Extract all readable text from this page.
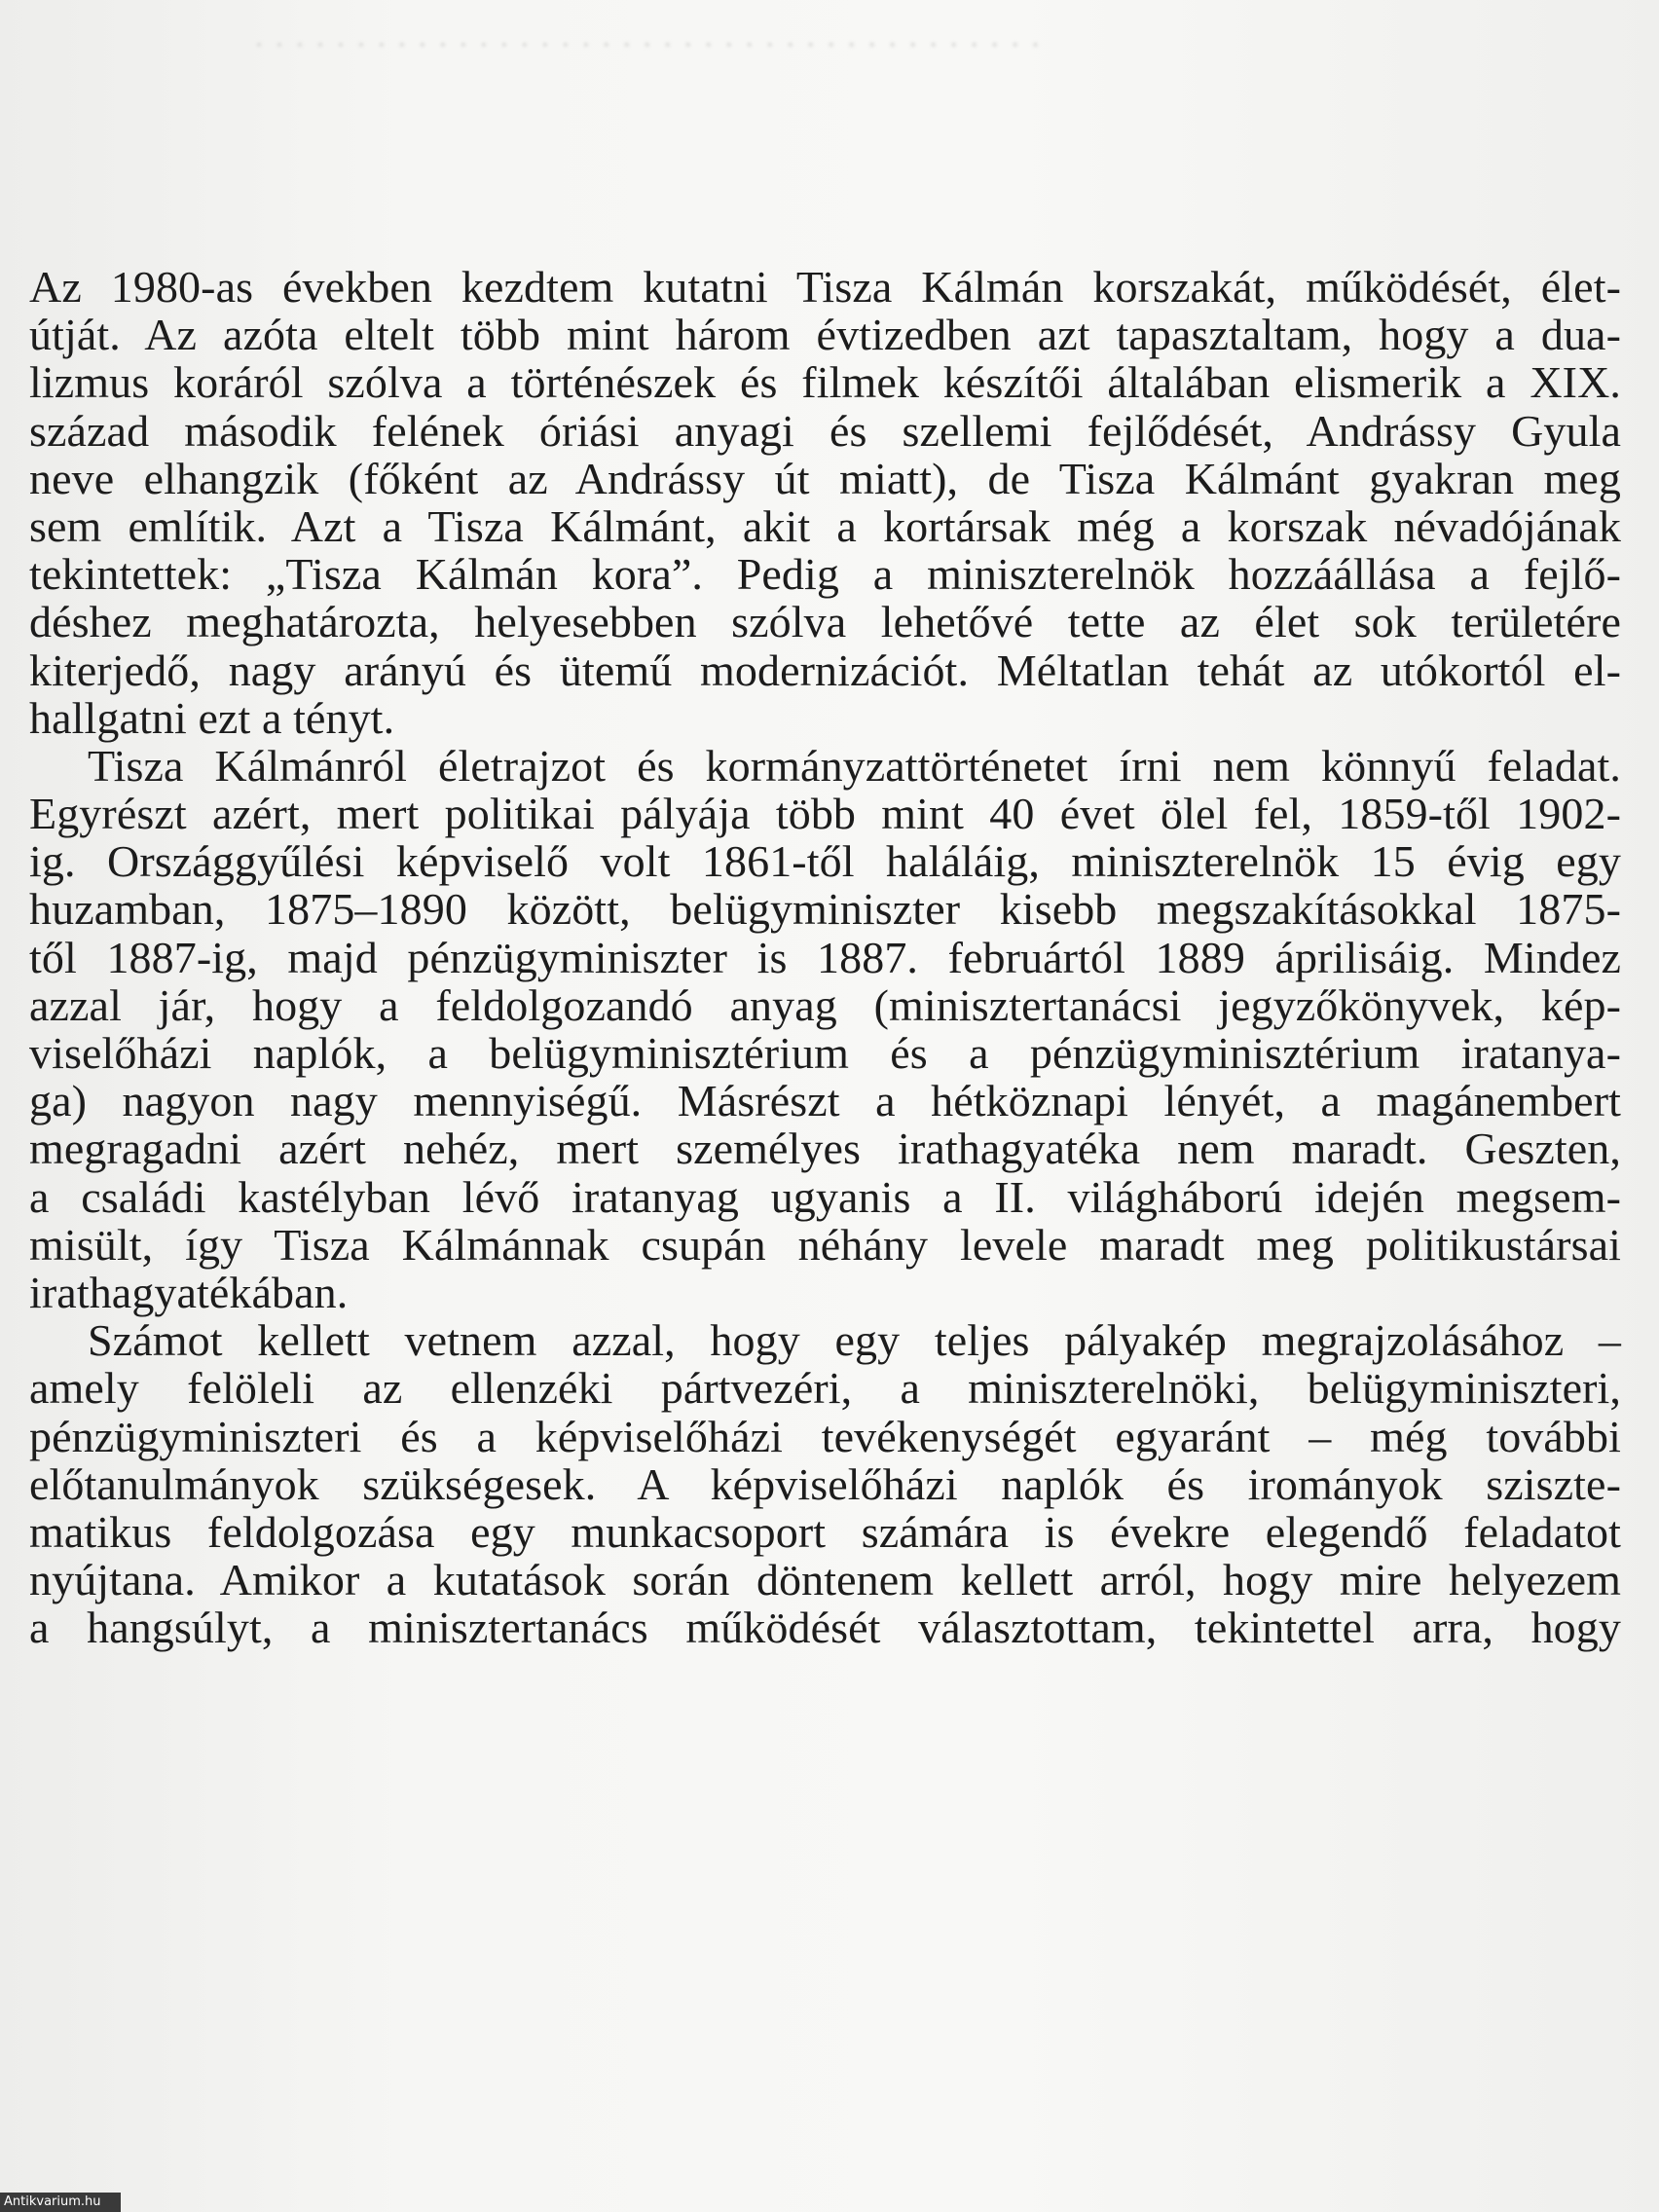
· · · · · · · · · · · · · · · · · · · · · · · · · · · · · · · · · · · · · · ·

Az 1980-as években kezdtem kutatni Tisza Kálmán korszakát, működését, élet-
útját. Az azóta eltelt több mint három évtizedben azt tapasztaltam, hogy a dua-
lizmus koráról szólva a történészek és filmek készítői általában elismerik a XIX.
század második felének óriási anyagi és szellemi fejlődését, Andrássy Gyula
neve elhangzik (főként az Andrássy út miatt), de Tisza Kálmánt gyakran meg
sem említik. Azt a Tisza Kálmánt, akit a kortársak még a korszak névadójának
tekintettek: „Tisza Kálmán kora”. Pedig a miniszterelnök hozzáállása a fejlő-
déshez meghatározta, helyesebben szólva lehetővé tette az élet sok területére
kiterjedő, nagy arányú és ütemű modernizációt. Méltatlan tehát az utókortól el-
hallgatni ezt a tényt.
Tisza Kálmánról életrajzot és kormányzattörténetet írni nem könnyű feladat.
Egyrészt azért, mert politikai pályája több mint 40 évet ölel fel, 1859-től 1902-
ig. Országgyűlési képviselő volt 1861-től haláláig, miniszterelnök 15 évig egy
huzamban, 1875–1890 között, belügyminiszter kisebb megszakításokkal 1875-
től 1887-ig, majd pénzügyminiszter is 1887. februártól 1889 áprilisáig. Mindez
azzal jár, hogy a feldolgozandó anyag (minisztertanácsi jegyzőkönyvek, kép-
viselőházi naplók, a belügyminisztérium és a pénzügyminisztérium iratanya-
ga) nagyon nagy mennyiségű. Másrészt a hétköznapi lényét, a magánembert
megragadni azért nehéz, mert személyes irathagyatéka nem maradt. Geszten,
a családi kastélyban lévő iratanyag ugyanis a II. világháború idején megsem-
misült, így Tisza Kálmánnak csupán néhány levele maradt meg politikustársai
irathagyatékában.
Számot kellett vetnem azzal, hogy egy teljes pályakép megrajzolásához –
amely felöleli az ellenzéki pártvezéri, a miniszterelnöki, belügyminiszteri,
pénzügyminiszteri és a képviselőházi tevékenységét egyaránt – még további
előtanulmányok szükségesek. A képviselőházi naplók és irományok szisztе-
matikus feldolgozása egy munkacsoport számára is évekre elegendő feladatot
nyújtana. Amikor a kutatások során döntenem kellett arról, hogy mire helyezem
a hangsúlyt, a minisztertanács működését választottam, tekintettel arra, hogy
Antikvarium.hu
